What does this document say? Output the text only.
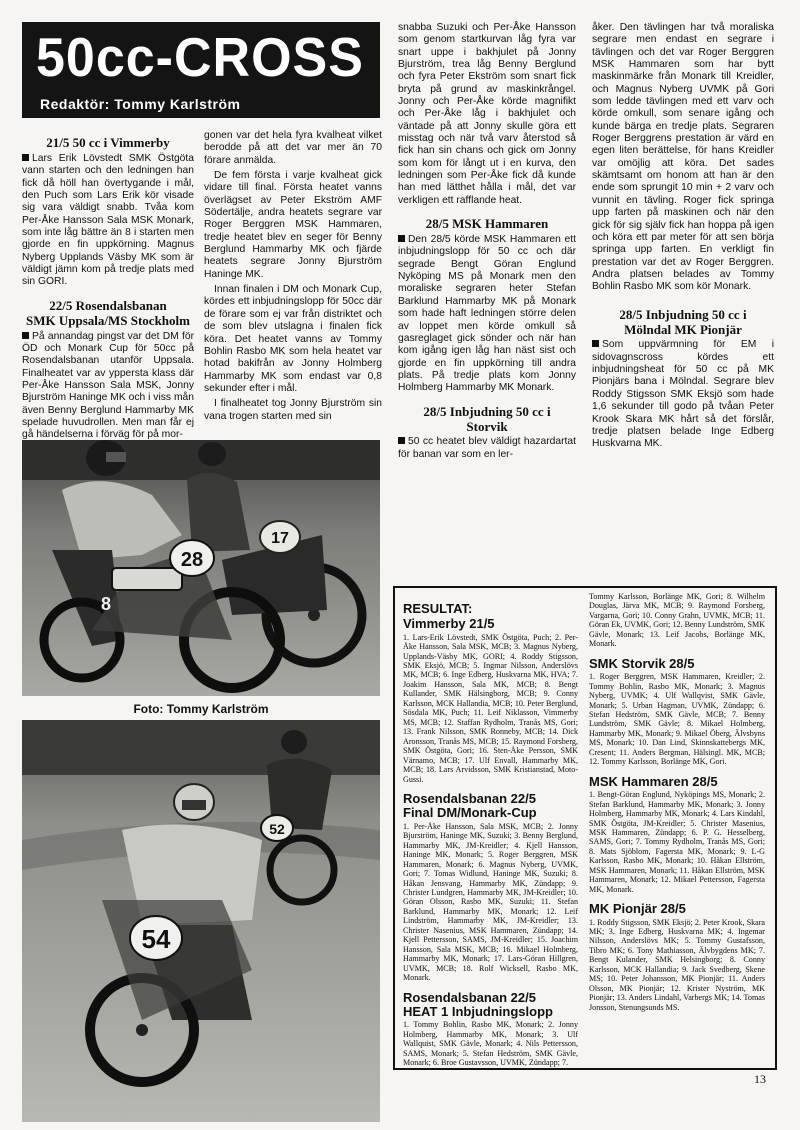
50cc-CROSS
Redaktör: Tommy Karlström
21/5 50 cc i Vimmerby

Lars Erik Lövstedt SMK Östgöta vann starten och den ledningen han fick då höll han övertygande i mål, den Puch som Lars Erik kör visade sig vara väldigt snabb. Tvåa kom Per-Åke Hansson Sala MSK Monark, som inte låg bättre än 8 i starten men gjorde en fin uppkörning. Magnus Nyberg Upplands Väsby MK som är väldigt jämn kom på tredje plats med sin GORI.

22/5 Rosendalsbanan
SMK Uppsala/MS Stockholm

På annandag pingst var det DM för ÖD och Monark Cup för 50cc på Rosendalsbanan utanför Uppsala. Finalheatet var av yppersta klass där Per-Åke Hansson Sala MSK, Jonny Bjurström Haninge MK och i viss mån även Benny Berglund Hammarby MK spelade huvudrollen. Men man får ej gå händelserna i förväg för på mor-

gonen var det hela fyra kvalheat vilket berodde på att det var mer än 70 förare anmälda.

De fem första i varje kvalheat gick vidare till final. Första heatet vanns överlägset av Peter Ekström AMF Södertälje, andra heatets segrare var Roger Berggren MSK Hammaren, tredje heatet blev en seger för Benny Berglund Hammarby MK och fjärde heatets segrare Jonny Bjurström Haninge MK.

Innan finalen i DM och Monark Cup, kördes ett inbjudningslopp för 50cc där de förare som ej var från distriktet och de som blev utslagna i finalen fick köra. Det heatet vanns av Tommy Bohlin Rasbo MK som hela heatet var hotad bakifrån av Jonny Holmberg Hammarby MK som endast var 0,8 sekunder efter i mål.

I finalheatet tog Jonny Bjurström sin vana trogen starten med sin

snabba Suzuki och Per-Åke Hansson som genom startkurvan låg fyra var snart uppe i bakhjulet på Jonny Bjurström, trea låg Benny Berglund och fyra Peter Ekström som snart fick bryta på grund av maskinkrångel. Jonny och Per-Åke körde magnifikt och Per-Åke låg i bakhjulet och väntade på att Jonny skulle göra ett misstag och när två varv återstod så fick han sin chans och gick om Jonny som kom för långt ut i en kurva, den ledningen som Per-Åke fick då kunde han med lätthet hålla i mål, det var verkligen ett rafflande heat.

28/5 MSK Hammaren

Den 28/5 körde MSK Hammaren ett inbjudningslopp för 50 cc och där segrade Bengt Göran Englund Nyköping MS på Monark men den moraliske segraren heter Stefan Barklund Hammarby MK på Monark som hade haft ledningen större delen av loppet men körde omkull så gasreglaget gick sönder och när han kom igång igen låg han näst sist och gjorde en fin uppkörning till andra plats. På tredje plats kom Jonny Holmberg Hammarby MK Monark.

28/5 Inbjudning 50 cc i
Storvik

50 cc heatet blev väldigt hazardartat för banan var som en ler-

åker. Den tävlingen har två moraliska segrare men endast en segrare i tävlingen och det var Roger Berggren MSK Hammaren som har bytt maskinmärke från Monark till Kreidler, och Magnus Nyberg UVMK på Gori som ledde tävlingen med ett varv och körde omkull, som senare igång och kunde bärga en tredje plats. Segraren Roger Berggrens prestation är värd en egen liten berättelse, för hans Kreidler var omöjlig att köra. Det sades skämtsamt om honom att han är den ende som sprungit 10 min + 2 varv och vunnit en tävling. Roger fick springa upp farten på maskinen och när den gick för sig själv fick han hoppa på igen och köra ett par meter för att sen börja springa upp farten. En verkligt fin prestation var det av Roger Berggren. Andra platsen belades av Tommy Bohlin Rasbo MK som kör Monark.

28/5 Inbjudning 50 cc i
Mölndal MK Pionjär

Som uppvärmning för EM i sidovagnscross kördes ett inbjudningsheat för 50 cc på MK Pionjärs bana i Mölndal. Segrare blev Roddy Stigsson SMK Eksjö som hade 1,6 sekunder till godo på tvåan Peter Krook Skara MK hårt så det förslår, tredje platsen belade Inge Edberg Huskvarna MK.

17
28
8
Foto: Tommy Karlström
52
54
RESULTAT:
Vimmerby 21/5
1. Lars-Erik Lövstedt, SMK Östgöta, Puch; 2. Per-Åke Hansson, Sala MSK, MCB; 3. Magnus Nyberg, Upplands-Väsby MK, GORI; 4. Roddy Stigsson, SMK Eksjö, MCB; 5. Ingmar Nilsson, Anderslövs MK, MCB; 6. Inge Edberg, Huskvarna MK, HVA; 7. Joakim Hansson, Sala MK, MCB; 8. Bengt Kullander, SMK Hälsingborg, MCB; 9. Conny Karlsson, MCK Hallandia, MCB; 10. Peter Berglund, Sösdala MK, Puch; 11. Leif Niklasson, Vimmerby MS, MCB; 12. Staffan Rydholm, Tranås MS, Gori; 13. Frank Nilsson, SMK Ronneby, MCB; 14. Dick Aronsson, Tranås MS, MCB; 15. Raymond Forsberg, SMK Östgöta, Gori; 16. Sten-Åke Persson, SMK Värnamo, MCB; 17. Ulf Envall, Hammarby MK, MCB; 18. Lars Arvidsson, SMK Kristianstad, Moto-Gussi.
Rosendalsbanan 22/5
Final DM/Monark-Cup
1. Per-Åke Hansson, Sala MSK, MCB; 2. Jonny Bjurström, Haninge MK, Suzuki; 3. Benny Berglund, Hammarby MK, JM-Kreidler; 4. Kjell Hansson, Haninge MK, Monark; 5. Roger Berggren, MSK Hammaren, Monark; 6. Magnus Nyberg, UVMK, Gori; 7. Tomas Widlund, Haninge MK, Suzuki; 8. Håkan Jensvang, Hammarby MK, Zündapp; 9. Christer Lundgren, Hammarby MK, JM-Kreidler; 10. Göran Olsson, Rasbo MK, Suzuki; 11. Stefan Barklund, Hammarby MK, Monark; 12. Leif Lindström, Hammarby MK, JM-Kreidler; 13. Christer Nasenius, MSK Hammaren, Zündapp; 14. Kjell Pettersson, SAMS, JM-Kreidler; 15. Joachim Hansson, Sala MSK, MCB; 16. Mikael Holmberg, Hammarby MK, Monark; 17. Lars-Göran Hillgren, UVMK, MCB; 18. Rolf Wicksell, Rasbo MK, Monark.
Rosendalsbanan 22/5
HEAT 1 Inbjudningslopp
1. Tommy Bohlin, Rasbo MK, Monark; 2. Jonny Holmberg, Hammarby MK, Monark; 3. Ulf Wallquist, SMK Gävle, Monark; 4. Nils Pettersson, SAMS, Monark; 5. Stefan Hedström, SMK Gävle, Monark; 6. Broe Gustavsson, UVMK, Zündapp; 7.
Tommy Karlsson, Borlänge MK, Gori; 8. Wilhelm Douglas, Järva MK, MCB; 9. Raymond Forsberg, Vargarna, Gori; 10. Conny Grahn, UVMK, MCB; 11. Göran Ek, UVMK, Gori; 12. Benny Lundström, SMK Gävle, Monark; 13. Leif Jacobs, Borlänge MK, Monark.
SMK Storvik 28/5
1. Roger Berggren, MSK Hammaren, Kreidler; 2. Tommy Bohlin, Rasbo MK, Monark; 3. Magnus Nyberg, UVMK; 4. Ulf Wallqvist, SMK Gävle, Monark; 5. Urban Hagman, UVMK, Zündapp; 6. Stefan Hedström, SMK Gävle, MCB; 7. Benny Lundström, SMK Gävle; 8. Mikael Holmberg, Hammarby MK, Monark; 9. Mikael Öberg, Älvsbyns MS, Monark; 10. Dan Lind, Skinnskattebergs MK, Cresent; 11. Anders Bergman, Hälsingl. MK, MCB; 12. Tommy Karlsson, Borlänge MK, Gori.
MSK Hammaren 28/5
1. Bengt-Göran Englund, Nyköpings MS, Monark; 2. Stefan Barklund, Hammarby MK, Monark; 3. Jonny Holmberg, Hammarby MK, Monark; 4. Lars Kindahl, SMK Östgöta, JM-Kreidler; 5. Christer Masenius, MSK Hammaren, Zündapp; 6. P. G. Hesselberg, SAMS, Gori; 7. Tommy Rydholm, Tranås MS, Gori; 8. Mats Sjöblom, Fagersta MK, Monark; 9. L-G Karlsson, Rasbo MK, Monark; 10. Håkan Ellström, MSK Hammaren, Monark; 11. Håkan Ellström, MSK Hammaren, Monark; 12. Mikael Pettersson, Fagersta MK, Monark.
MK Pionjär 28/5
1. Roddy Stigsson, SMK Eksjö; 2. Peter Krook, Skara MK; 3. Inge Edberg, Huskvarna MK; 4. Ingemar Nilsson, Anderslövs MK; 5. Tommy Gustafsson, Tibro MK; 6. Tony Mathiasson, Älvbygdens MK; 7. Bengt Kulander, SMK Helsingborg; 8. Conny Karlsson, MCK Hallandia; 9. Jack Svedberg, Skene MS; 10. Peter Johansson, MK Pionjär; 11. Anders Olsson, MK Pionjär; 12. Krister Nyström, MK Pionjär; 13. Anders Lindahl, Varbergs MK; 14. Tomas Jonsson, Stenungsunds MS.
13
